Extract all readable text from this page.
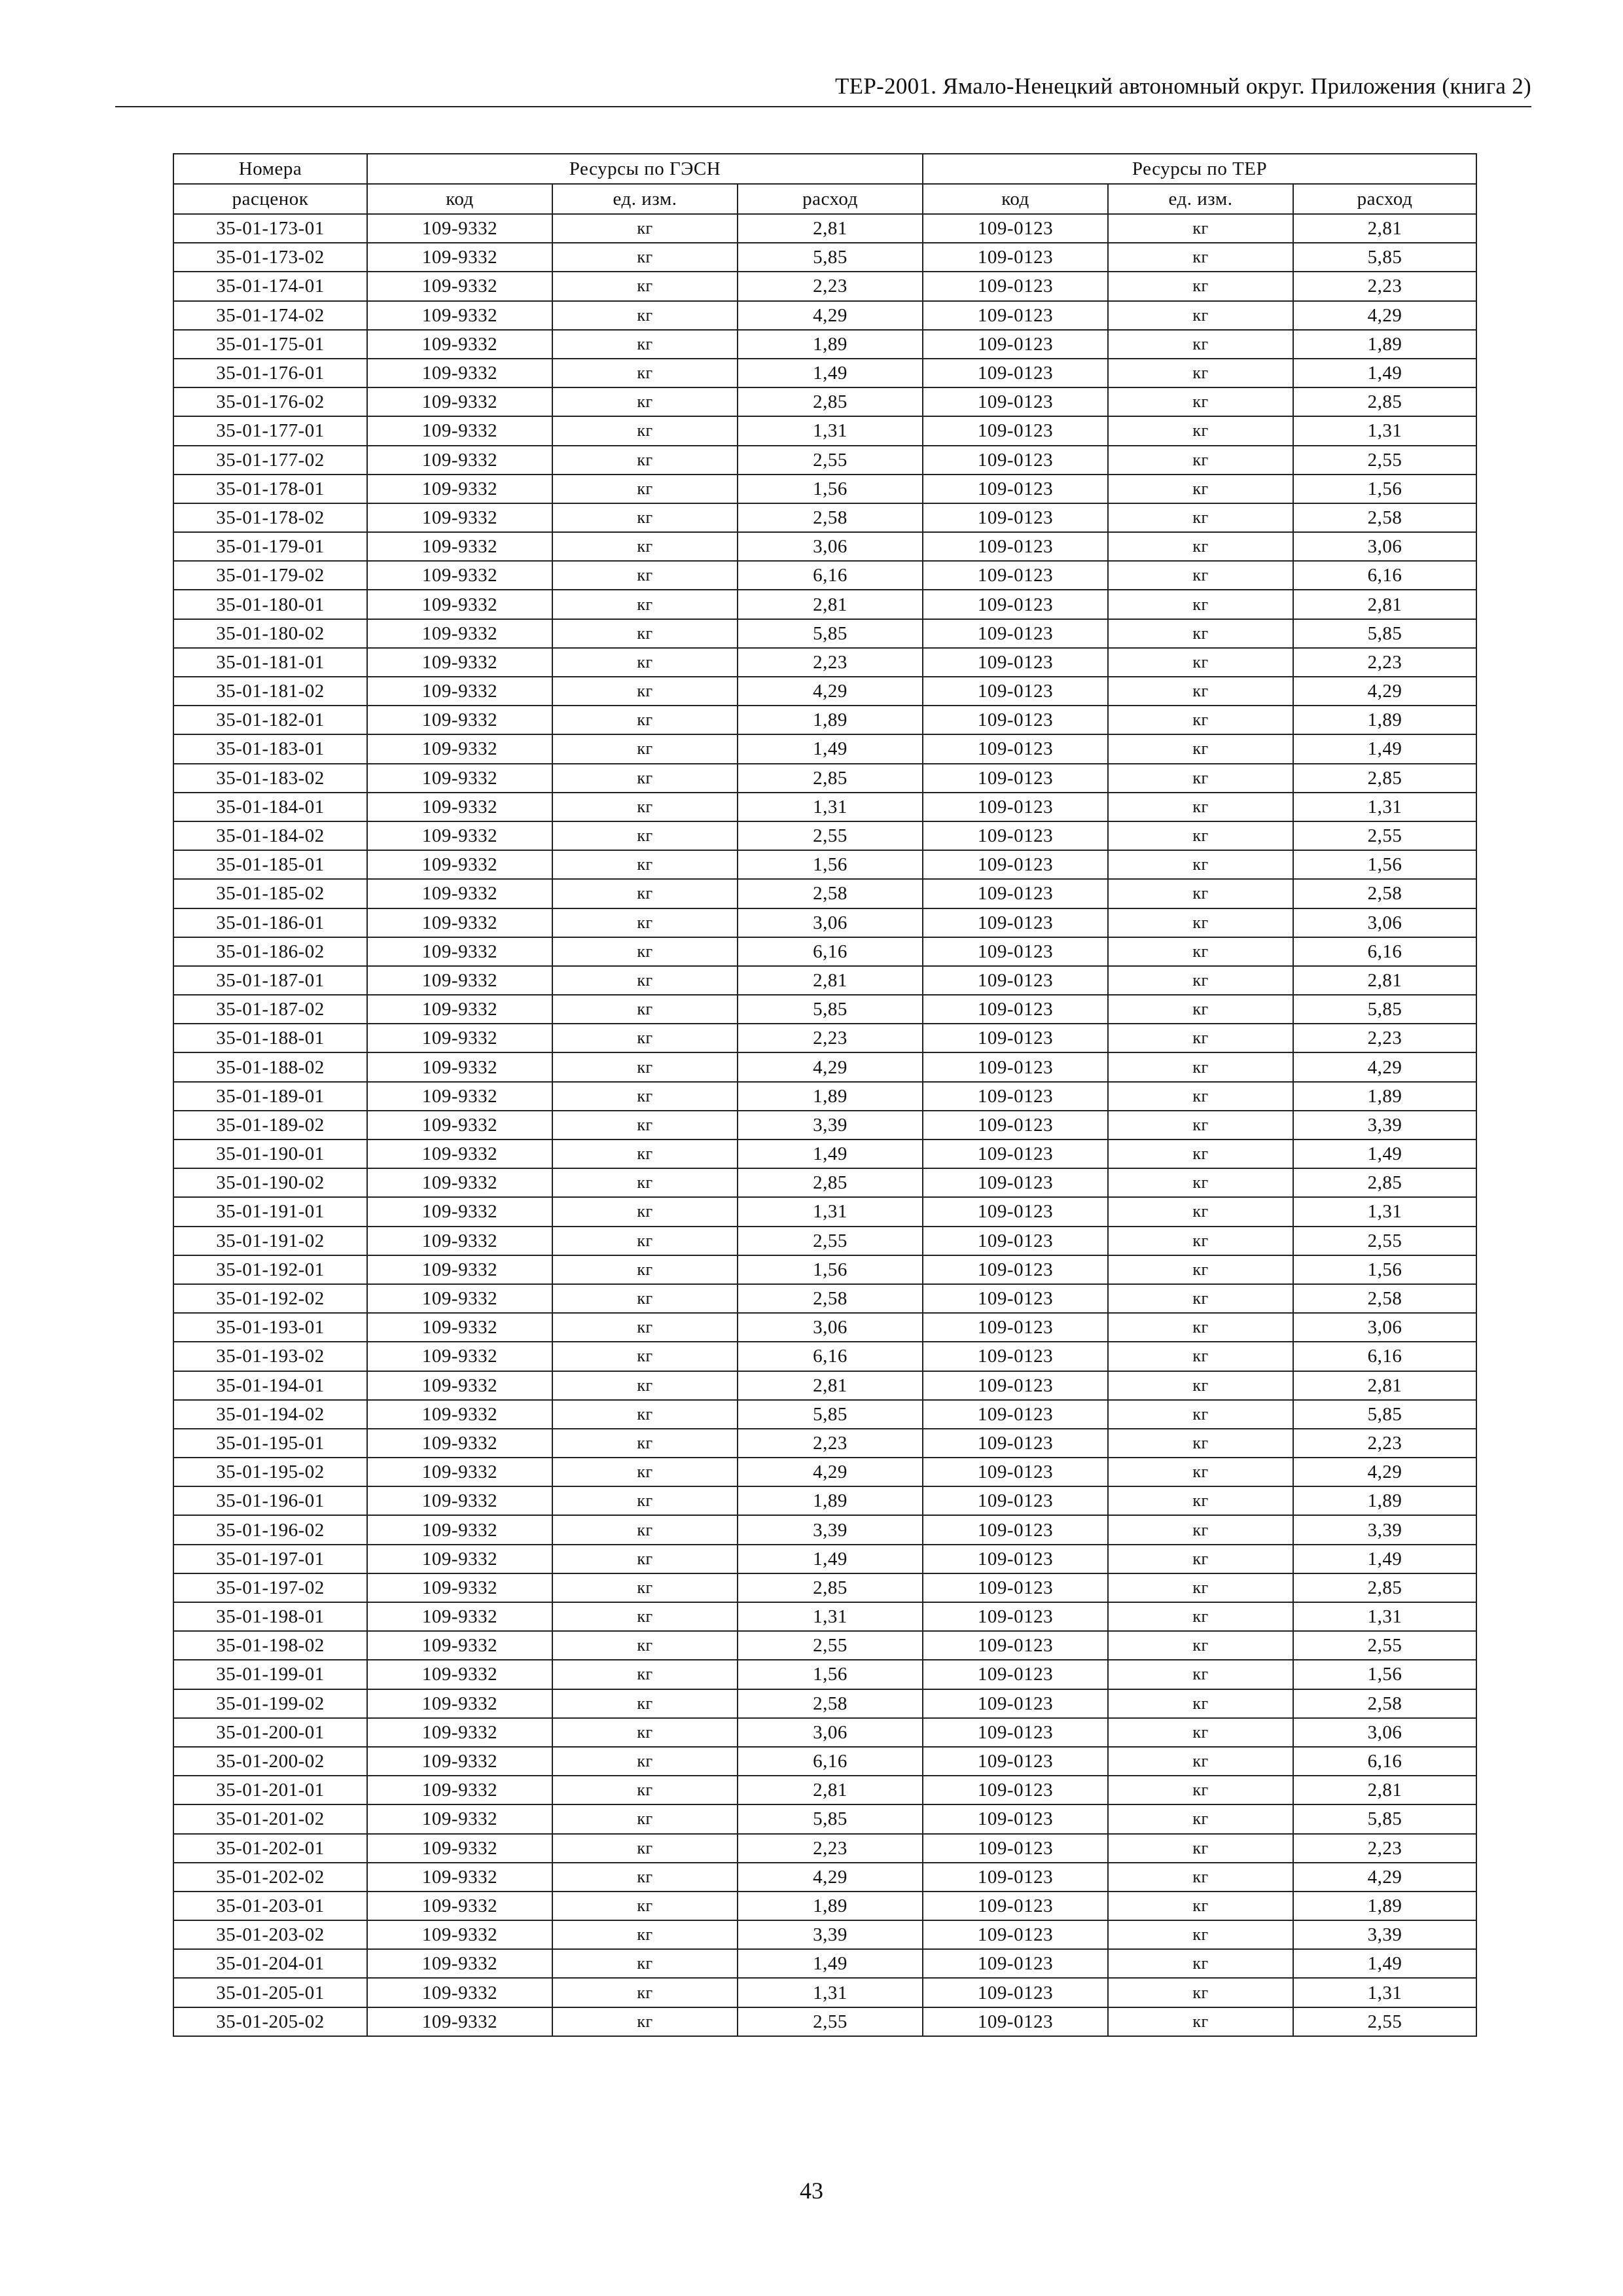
ТЕР-2001. Ямало-Ненецкий автономный округ. Приложения (книга 2)
Номера	Ресурсы по ГЭСН			Ресурсы по ТЕР		
расценок	код	ед. изм.	расход	код	ед. изм.	расход
35-01-173-01	109-9332	кг	2,81	109-0123	кг	2,81
35-01-173-02	109-9332	кг	5,85	109-0123	кг	5,85
35-01-174-01	109-9332	кг	2,23	109-0123	кг	2,23
35-01-174-02	109-9332	кг	4,29	109-0123	кг	4,29
35-01-175-01	109-9332	кг	1,89	109-0123	кг	1,89
35-01-176-01	109-9332	кг	1,49	109-0123	кг	1,49
35-01-176-02	109-9332	кг	2,85	109-0123	кг	2,85
35-01-177-01	109-9332	кг	1,31	109-0123	кг	1,31
35-01-177-02	109-9332	кг	2,55	109-0123	кг	2,55
35-01-178-01	109-9332	кг	1,56	109-0123	кг	1,56
35-01-178-02	109-9332	кг	2,58	109-0123	кг	2,58
35-01-179-01	109-9332	кг	3,06	109-0123	кг	3,06
35-01-179-02	109-9332	кг	6,16	109-0123	кг	6,16
35-01-180-01	109-9332	кг	2,81	109-0123	кг	2,81
35-01-180-02	109-9332	кг	5,85	109-0123	кг	5,85
35-01-181-01	109-9332	кг	2,23	109-0123	кг	2,23
35-01-181-02	109-9332	кг	4,29	109-0123	кг	4,29
35-01-182-01	109-9332	кг	1,89	109-0123	кг	1,89
35-01-183-01	109-9332	кг	1,49	109-0123	кг	1,49
35-01-183-02	109-9332	кг	2,85	109-0123	кг	2,85
35-01-184-01	109-9332	кг	1,31	109-0123	кг	1,31
35-01-184-02	109-9332	кг	2,55	109-0123	кг	2,55
35-01-185-01	109-9332	кг	1,56	109-0123	кг	1,56
35-01-185-02	109-9332	кг	2,58	109-0123	кг	2,58
35-01-186-01	109-9332	кг	3,06	109-0123	кг	3,06
35-01-186-02	109-9332	кг	6,16	109-0123	кг	6,16
35-01-187-01	109-9332	кг	2,81	109-0123	кг	2,81
35-01-187-02	109-9332	кг	5,85	109-0123	кг	5,85
35-01-188-01	109-9332	кг	2,23	109-0123	кг	2,23
35-01-188-02	109-9332	кг	4,29	109-0123	кг	4,29
35-01-189-01	109-9332	кг	1,89	109-0123	кг	1,89
35-01-189-02	109-9332	кг	3,39	109-0123	кг	3,39
35-01-190-01	109-9332	кг	1,49	109-0123	кг	1,49
35-01-190-02	109-9332	кг	2,85	109-0123	кг	2,85
35-01-191-01	109-9332	кг	1,31	109-0123	кг	1,31
35-01-191-02	109-9332	кг	2,55	109-0123	кг	2,55
35-01-192-01	109-9332	кг	1,56	109-0123	кг	1,56
35-01-192-02	109-9332	кг	2,58	109-0123	кг	2,58
35-01-193-01	109-9332	кг	3,06	109-0123	кг	3,06
35-01-193-02	109-9332	кг	6,16	109-0123	кг	6,16
35-01-194-01	109-9332	кг	2,81	109-0123	кг	2,81
35-01-194-02	109-9332	кг	5,85	109-0123	кг	5,85
35-01-195-01	109-9332	кг	2,23	109-0123	кг	2,23
35-01-195-02	109-9332	кг	4,29	109-0123	кг	4,29
35-01-196-01	109-9332	кг	1,89	109-0123	кг	1,89
35-01-196-02	109-9332	кг	3,39	109-0123	кг	3,39
35-01-197-01	109-9332	кг	1,49	109-0123	кг	1,49
35-01-197-02	109-9332	кг	2,85	109-0123	кг	2,85
35-01-198-01	109-9332	кг	1,31	109-0123	кг	1,31
35-01-198-02	109-9332	кг	2,55	109-0123	кг	2,55
35-01-199-01	109-9332	кг	1,56	109-0123	кг	1,56
35-01-199-02	109-9332	кг	2,58	109-0123	кг	2,58
35-01-200-01	109-9332	кг	3,06	109-0123	кг	3,06
35-01-200-02	109-9332	кг	6,16	109-0123	кг	6,16
35-01-201-01	109-9332	кг	2,81	109-0123	кг	2,81
35-01-201-02	109-9332	кг	5,85	109-0123	кг	5,85
35-01-202-01	109-9332	кг	2,23	109-0123	кг	2,23
35-01-202-02	109-9332	кг	4,29	109-0123	кг	4,29
35-01-203-01	109-9332	кг	1,89	109-0123	кг	1,89
35-01-203-02	109-9332	кг	3,39	109-0123	кг	3,39
35-01-204-01	109-9332	кг	1,49	109-0123	кг	1,49
35-01-205-01	109-9332	кг	1,31	109-0123	кг	1,31
35-01-205-02	109-9332	кг	2,55	109-0123	кг	2,55
43
